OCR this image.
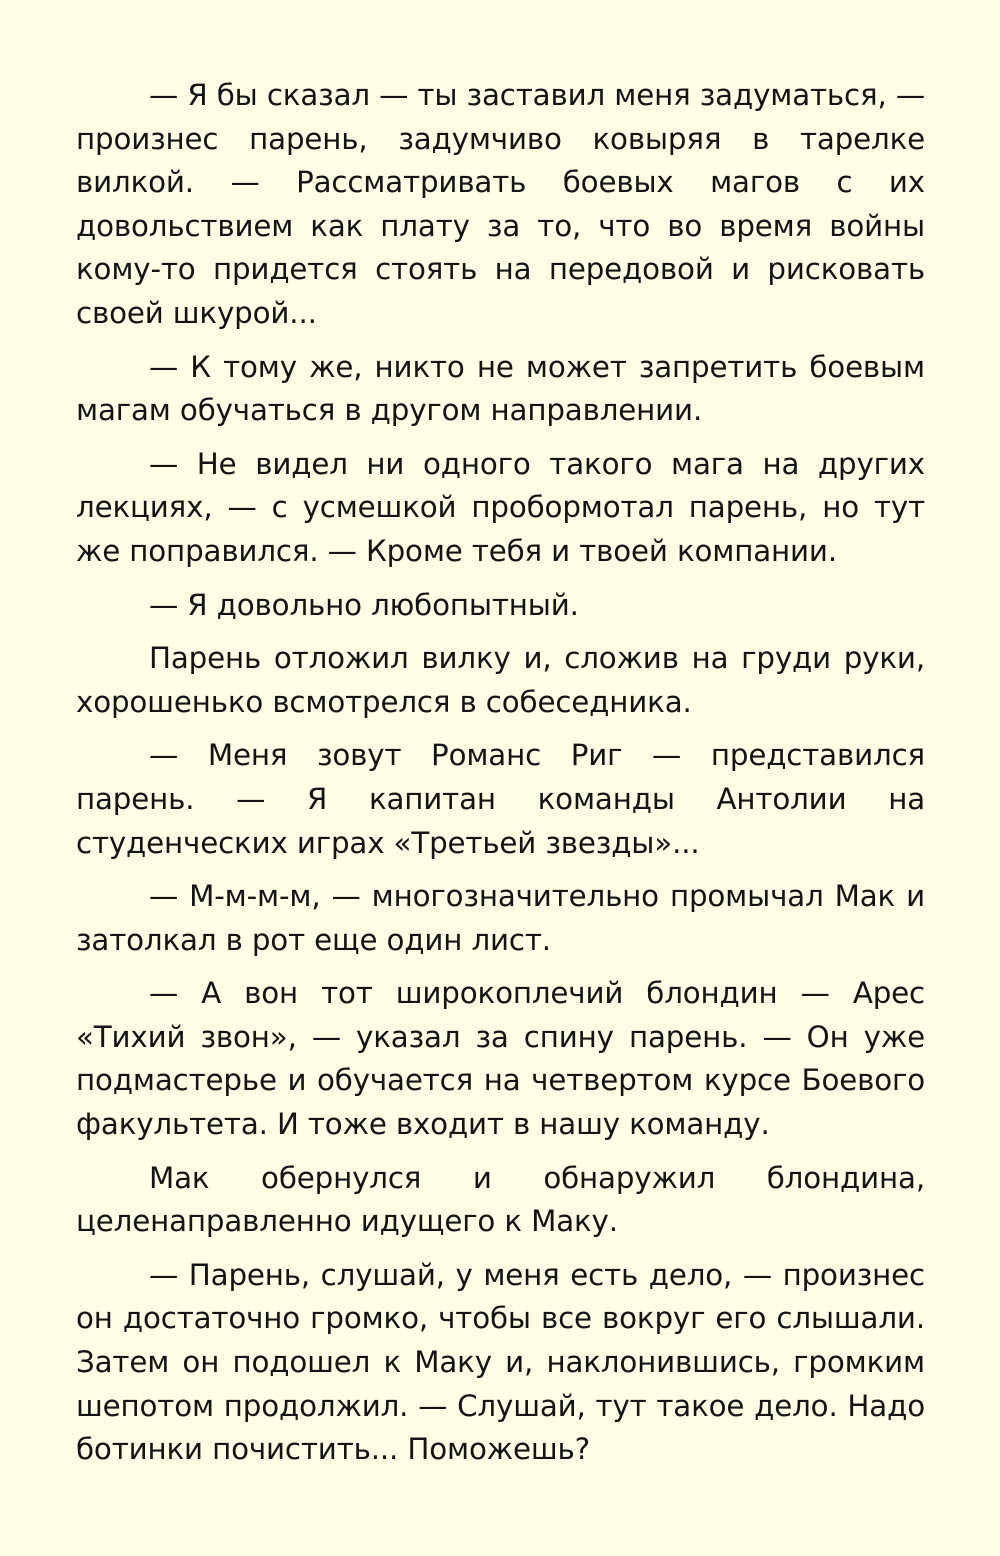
— Я бы сказал — ты заставил меня задуматься, — произнес парень, задумчиво ковыряя в тарелке вилкой. — Рассматривать боевых магов с их довольствием как плату за то, что во время войны кому-то придется стоять на передовой и рисковать своей шкурой...

— К тому же, никто не может запретить боевым магам обучаться в другом направлении.

— Не видел ни одного такого мага на других лекциях, — с усмешкой пробормотал парень, но тут же поправился. — Кроме тебя и твоей компании.

— Я довольно любопытный.

Парень отложил вилку и, сложив на груди руки, хорошенько всмотрелся в собеседника.

— Меня зовут Романс Риг — представился парень. — Я капитан команды Антолии на студенческих играх «Третьей звезды»...

— М-м-м-м, — многозначительно промычал Мак и затолкал в рот еще один лист.

— А вон тот широкоплечий блондин — Арес «Тихий звон», — указал за спину парень. — Он уже подмастерье и обучается на четвертом курсе Боевого факультета. И тоже входит в нашу команду.

Мак обернулся и обнаружил блондина, целенаправленно идущего к Маку.

— Парень, слушай, у меня есть дело, — произнес он достаточно громко, чтобы все вокруг его слышали. Затем он подошел к Маку и, наклонившись, громким шепотом продолжил. — Слушай, тут такое дело. Надо ботинки почистить... Поможешь?
